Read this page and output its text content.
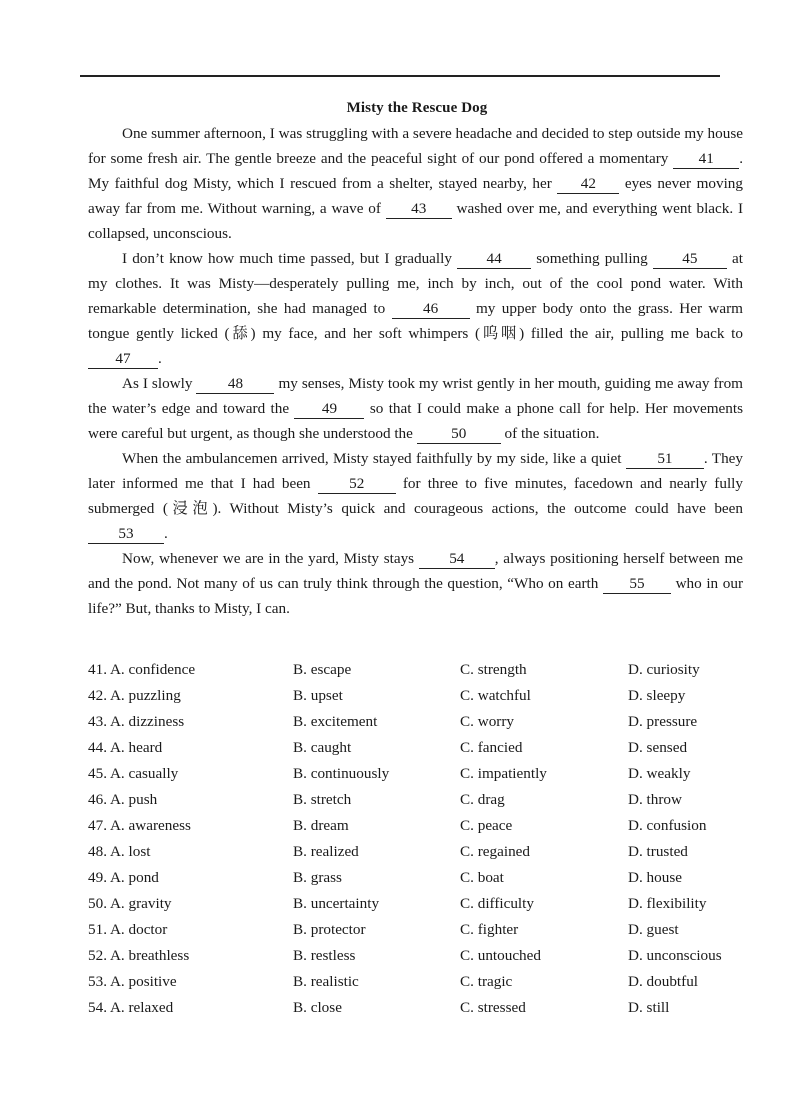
Misty the Rescue Dog

One summer afternoon, I was struggling with a severe headache and decided to step outside my house for some fresh air. The gentle breeze and the peaceful sight of our pond offered a momentary 41 . My faithful dog Misty, which I rescued from a shelter, stayed nearby, her 42 eyes never moving away far from me. Without warning, a wave of 43 washed over me, and everything went black. I collapsed, unconscious.

I don’t know how much time passed, but I gradually 44 something pulling 45 at my clothes. It was Misty—desperately pulling me, inch by inch, out of the cool pond water. With remarkable determination, she had managed to 46 my upper body onto the grass. Her warm tongue gently licked (舔) my face, and her soft whimpers (呜咽) filled the air, pulling me back to 47 .

As I slowly 48 my senses, Misty took my wrist gently in her mouth, guiding me away from the water’s edge and toward the 49 so that I could make a phone call for help. Her movements were careful but urgent, as though she understood the 50 of the situation.

When the ambulancemen arrived, Misty stayed faithfully by my side, like a quiet 51 . They later informed me that I had been 52 for three to five minutes, facedown and nearly fully submerged (浸泡). Without Misty’s quick and courageous actions, the outcome could have been 53 .

Now, whenever we are in the yard, Misty stays 54 , always positioning herself between me and the pond. Not many of us can truly think through the question, “Who on earth 55 who in our life?” But, thanks to Misty, I can.

41. A. confidence	B. escape	C. strength	D. curiosity
42. A. puzzling	B. upset	C. watchful	D. sleepy
43. A. dizziness	B. excitement	C. worry	D. pressure
44. A. heard	B. caught	C. fancied	D. sensed
45. A. casually	B. continuously	C. impatiently	D. weakly
46. A. push	B. stretch	C. drag	D. throw
47. A. awareness	B. dream	C. peace	D. confusion
48. A. lost	B. realized	C. regained	D. trusted
49. A. pond	B. grass	C. boat	D. house
50. A. gravity	B. uncertainty	C. difficulty	D. flexibility
51. A. doctor	B. protector	C. fighter	D. guest
52. A. breathless	B. restless	C. untouched	D. unconscious
53. A. positive	B. realistic	C. tragic	D. doubtful
54. A. relaxed	B. close	C. stressed	D. still
